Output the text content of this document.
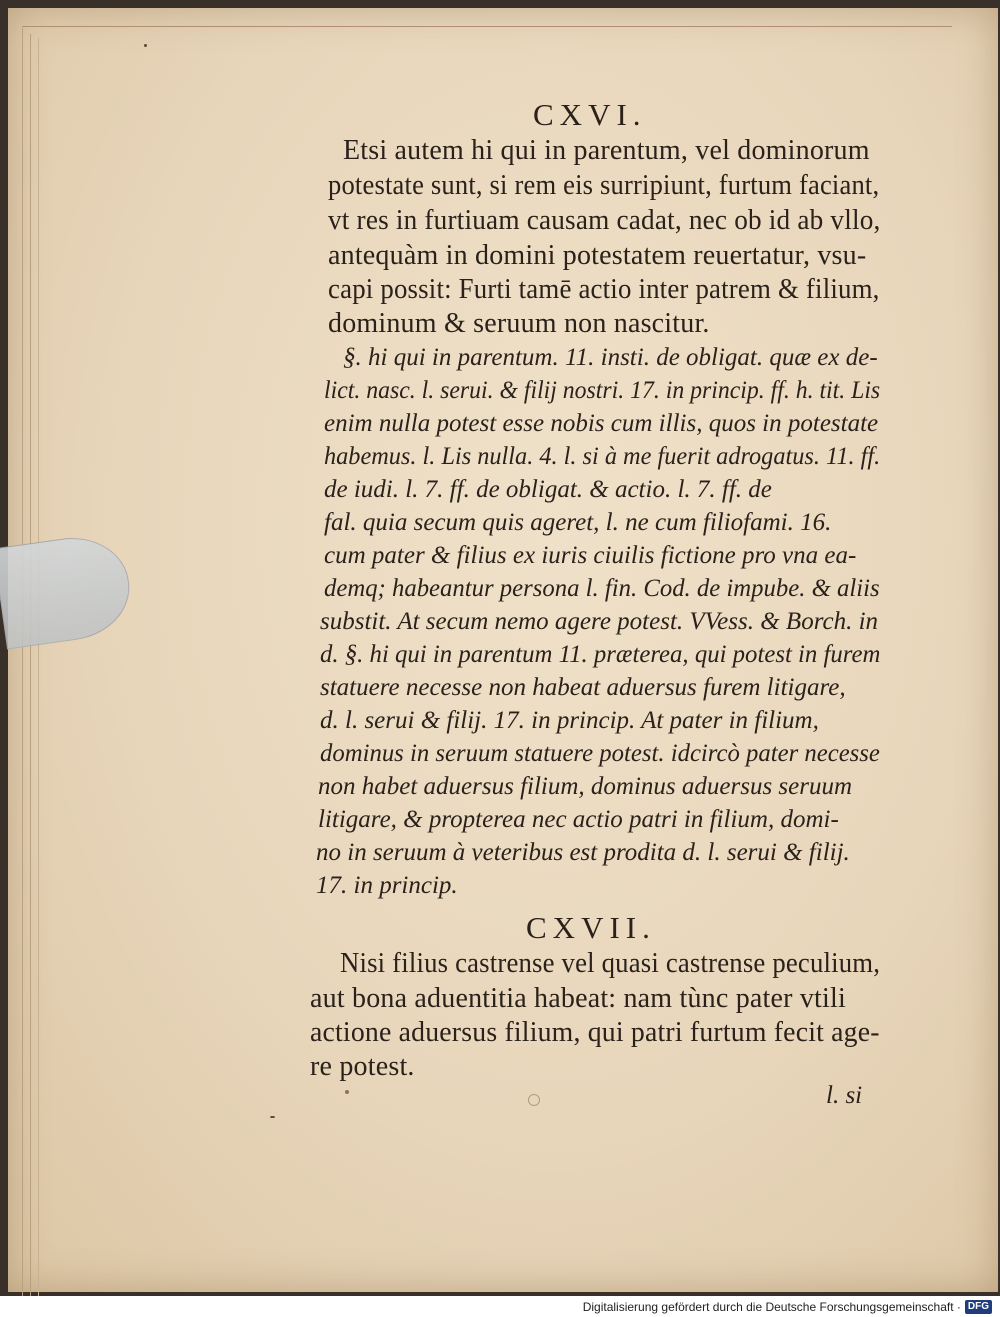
CXVI.
Etsi autem hi qui in parentum, vel dominorum
potestate sunt, si rem eis surripiunt, furtum faciant,
vt res in furtiuam causam cadat, nec ob id ab vllo,
antequàm in domini potestatem reuertatur, vsu-
capi possit: Furti tamē actio inter patrem & filium,
dominum & seruum non nascitur.
§. hi qui in parentum. 11. insti. de obligat. quæ ex de-
lict. nasc. l. serui. & filij nostri. 17. in princip. ff. h. tit. Lis
enim nulla potest esse nobis cum illis, quos in potestate
habemus. l. Lis nulla. 4. l. si à me fuerit adrogatus. 11. ff.
de iudi. l. 7. ff. de obligat. & actio. l. 7. ff. de
fal. quia secum quis ageret, l. ne cum filiofami. 16.
cum pater & filius ex iuris ciuilis fictione pro vna ea-
demq; habeantur persona l. fin. Cod. de impube. & aliis
substit. At secum nemo agere potest. VVess. & Borch. in
d. §. hi qui in parentum 11. præterea, qui potest in furem
statuere necesse non habeat aduersus furem litigare,
d. l. serui & filij. 17. in princip. At pater in filium,
dominus in seruum statuere potest. idcircò pater necesse
non habet aduersus filium, dominus aduersus seruum
litigare, & propterea nec actio patri in filium, domi-
no in seruum à veteribus est prodita d. l. serui & filij.
17. in princip.
CXVII.
Nisi filius castrense vel quasi castrense peculium,
aut bona aduentitia habeat: nam tùnc pater vtili
actione aduersus filium, qui patri furtum fecit age-
re potest.
l. si
Digitalisierung gefördert durch die Deutsche Forschungsgemeinschaft · DFG
